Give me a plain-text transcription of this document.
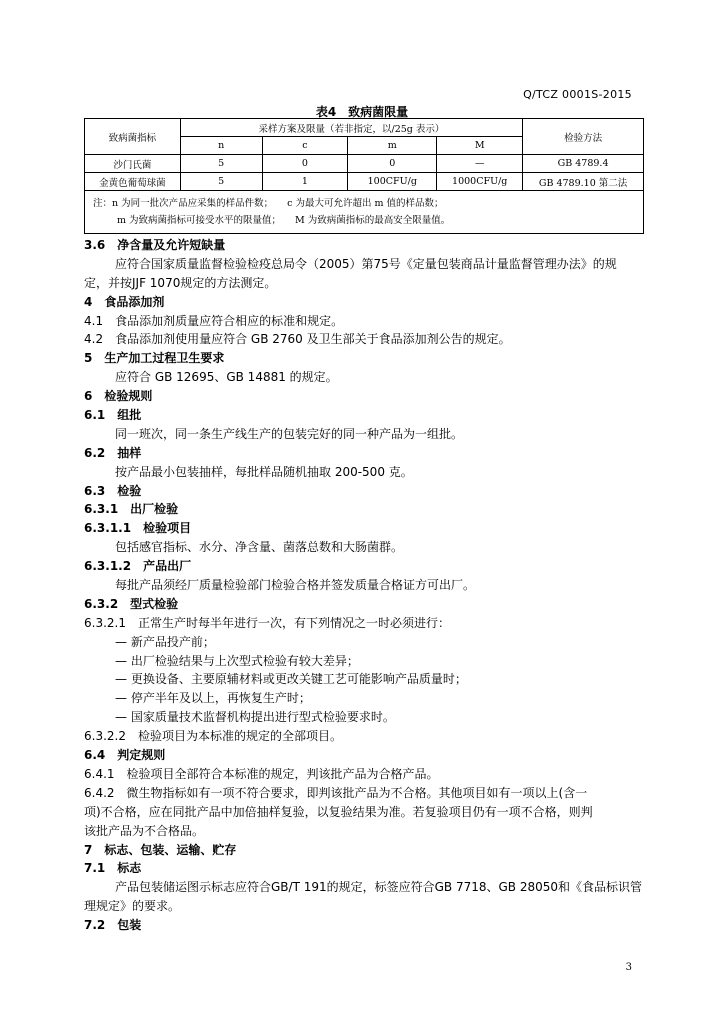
Q/TCZ 0001S-2015
表4　致病菌限量
致病菌指标	采样方案及限量（若非指定，以/25g 表示）				检验方法
	n	c	m	M	
沙门氏菌	5	0	0	—	GB 4789.4
金黄色葡萄球菌	5	1	100CFU/g	1000CFU/g	GB 4789.10 第二法

注：n 为同一批次产品应采集的样品件数； c 为最大可允许超出 m 值的样品数；
m 为致病菌指标可接受水平的限量值； M 为致病菌指标的最高安全限量值。					
3.6　净含量及允许短缺量
应符合国家质量监督检验检疫总局令（2005）第75号《定量包装商品计量监督管理办法》的规
定，并按JJF 1070规定的方法测定。
4　食品添加剂
4.1　食品添加剂质量应符合相应的标准和规定。
4.2　食品添加剂使用量应符合 GB 2760 及卫生部关于食品添加剂公告的规定。
5　生产加工过程卫生要求
应符合 GB 12695、GB 14881 的规定。
6　检验规则
6.1　组批
同一班次，同一条生产线生产的包装完好的同一种产品为一组批。
6.2　抽样
按产品最小包装抽样，每批样品随机抽取 200-500 克。
6.3　检验
6.3.1　出厂检验
6.3.1.1　检验项目
包括感官指标、水分、净含量、菌落总数和大肠菌群。
6.3.1.2　产品出厂
每批产品须经厂质量检验部门检验合格并签发质量合格证方可出厂。
6.3.2　型式检验
6.3.2.1　正常生产时每半年进行一次，有下列情况之一时必须进行：
— 新产品投产前；
— 出厂检验结果与上次型式检验有较大差异；
— 更换设备、主要原辅材料或更改关键工艺可能影响产品质量时；
— 停产半年及以上，再恢复生产时；
— 国家质量技术监督机构提出进行型式检验要求时。
6.3.2.2　检验项目为本标准的规定的全部项目。
6.4　判定规则
6.4.1　检验项目全部符合本标准的规定，判该批产品为合格产品。
6.4.2　微生物指标如有一项不符合要求，即判该批产品为不合格。其他项目如有一项以上(含一
项)不合格，应在同批产品中加倍抽样复验，以复验结果为准。若复验项目仍有一项不合格，则判
该批产品为不合格品。
7　标志、包装、运输、贮存
7.1　标志
产品包装储运图示标志应符合GB/T 191的规定，标签应符合GB 7718、GB 28050和《食品标识管
理规定》的要求。
7.2　包装
3
